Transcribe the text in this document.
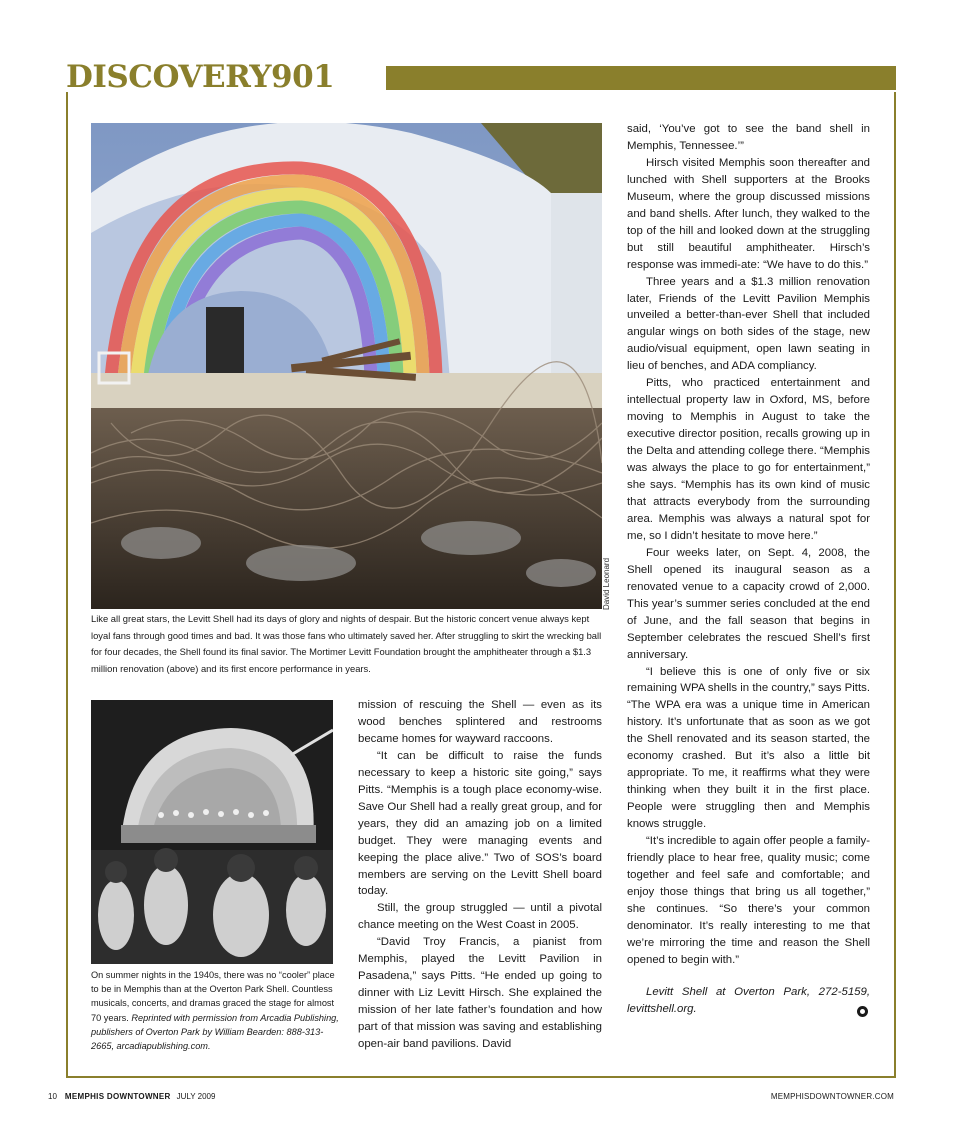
DISCOVERY901
David Leonard
Like all great stars, the Levitt Shell had its days of glory and nights of despair. But the historic concert venue always kept loyal fans through good times and bad. It was those fans who ultimately saved her. After struggling to skirt the wrecking ball for four decades, the Shell found its final savior. The Mortimer Levitt Foundation brought the amphitheater through a $1.3 million renovation (above) and its first encore performance in years.
On summer nights in the 1940s, there was no “cooler” place to be in Memphis than at the Overton Park Shell. Countless musicals, concerts, and dramas graced the stage for almost 70 years. Reprinted with permission from Arcadia Publishing, publishers of Overton Park by William Bearden: 888-313-2665, arcadiapublishing.com.

mission of rescuing the Shell — even as its wood benches splintered and restrooms became homes for wayward raccoons.

“It can be difficult to raise the funds necessary to keep a historic site going,” says Pitts. “Memphis is a tough place economy-wise. Save Our Shell had a really great group, and for years, they did an amazing job on a limited budget. They were managing events and keeping the place alive.” Two of SOS’s board members are serving on the Levitt Shell board today.

Still, the group struggled — until a pivotal chance meeting on the West Coast in 2005.

“David Troy Francis, a pianist from Memphis, played the Levitt Pavilion in Pasadena,” says Pitts. “He ended up going to dinner with Liz Levitt Hirsch. She explained the mission of her late father’s foundation and how part of that mission was saving and establishing open-air band pavilions. David

said, ‘You’ve got to see the band shell in Memphis, Tennessee.’”

Hirsch visited Memphis soon thereafter and lunched with Shell supporters at the Brooks Museum, where the group discussed missions and band shells. After lunch, they walked to the top of the hill and looked down at the struggling but still beautiful amphitheater. Hirsch’s response was immedi-ate: “We have to do this.”

Three years and a $1.3 million renovation later, Friends of the Levitt Pavilion Memphis unveiled a better-than-ever Shell that included angular wings on both sides of the stage, new audio/visual equipment, open lawn seating in lieu of benches, and ADA compliancy.

Pitts, who practiced entertainment and intellectual property law in Oxford, MS, before moving to Memphis in August to take the executive director position, recalls growing up in the Delta and attending college there. “Memphis was always the place to go for entertainment,” she says. “Memphis has its own kind of music that attracts everybody from the surrounding area. Memphis was always a natural spot for me, so I didn’t hesitate to move here.”

Four weeks later, on Sept. 4, 2008, the Shell opened its inaugural season as a renovated venue to a capacity crowd of 2,000. This year’s summer series concluded at the end of June, and the fall season that begins in September celebrates the rescued Shell’s first anniversary.

“I believe this is one of only five or six remaining WPA shells in the country,” says Pitts. “The WPA era was a unique time in American history. It’s unfortunate that as soon as we got the Shell renovated and its season started, the economy crashed. But it’s also a little bit appropriate. To me, it reaffirms what they were thinking when they built it in the first place. People were struggling then and Memphis knows struggle.

“It’s incredible to again offer people a family-friendly place to hear free, quality music; come together and feel safe and comfortable; and enjoy those things that bring us all together,” she continues. “So there’s your common denominator. It’s really interesting to me that we’re mirroring the time and reason the Shell opened to begin with.”

Levitt Shell at Overton Park, 272-5159, levittshell.org.

10 MEMPHIS DOWNTOWNER JULY 2009	MEMPHISDOWNTOWNER.COM
